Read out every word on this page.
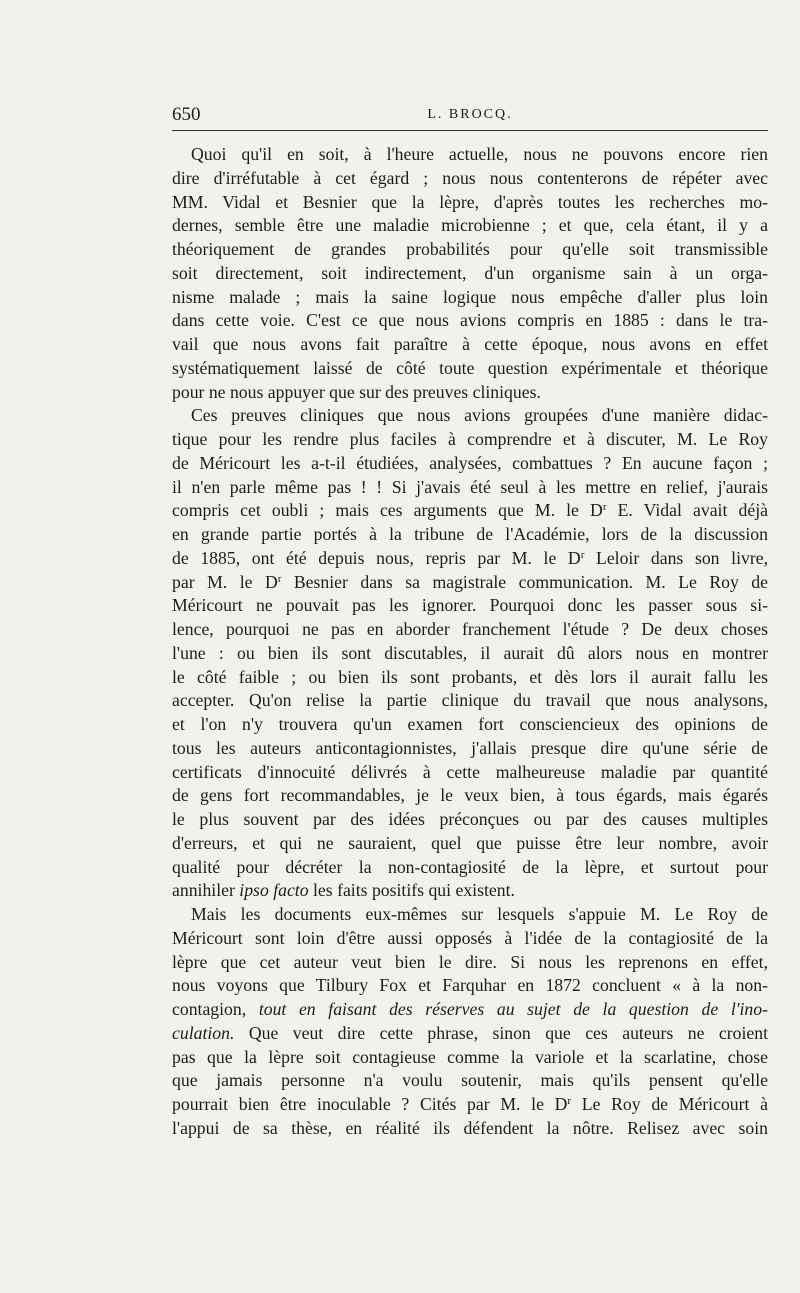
650	L. BROCQ.
Quoi qu'il en soit, à l'heure actuelle, nous ne pouvons encore rien
dire d'irréfutable à cet égard ; nous nous contenterons de répéter avec
MM. Vidal et Besnier que la lèpre, d'après toutes les recherches mo-
dernes, semble être une maladie microbienne ; et que, cela étant, il y a
théoriquement de grandes probabilités pour qu'elle soit transmissible
soit directement, soit indirectement, d'un organisme sain à un orga-
nisme malade ; mais la saine logique nous empêche d'aller plus loin
dans cette voie. C'est ce que nous avions compris en 1885 : dans le tra-
vail que nous avons fait paraître à cette époque, nous avons en effet
systématiquement laissé de côté toute question expérimentale et théorique
pour ne nous appuyer que sur des preuves cliniques.
Ces preuves cliniques que nous avions groupées d'une manière didac-
tique pour les rendre plus faciles à comprendre et à discuter, M. Le Roy
de Méricourt les a-t-il étudiées, analysées, combattues ? En aucune façon ;
il n'en parle même pas ! ! Si j'avais été seul à les mettre en relief, j'aurais
compris cet oubli ; mais ces arguments que M. le $D^r$ E. Vidal avait déjà
en grande partie portés à la tribune de l'Académie, lors de la discussion
de 1885, ont été depuis nous, repris par M. le $D^r$ Leloir dans son livre,
par M. le $D^r$ Besnier dans sa magistrale communication. M. Le Roy de
Méricourt ne pouvait pas les ignorer. Pourquoi donc les passer sous si-
lence, pourquoi ne pas en aborder franchement l'étude ? De deux choses
l'une : ou bien ils sont discutables, il aurait dû alors nous en montrer
le côté faible ; ou bien ils sont probants, et dès lors il aurait fallu les
accepter. Qu'on relise la partie clinique du travail que nous analysons,
et l'on n'y trouvera qu'un examen fort consciencieux des opinions de
tous les auteurs anticontagionnistes, j'allais presque dire qu'une série de
certificats d'innocuité délivrés à cette malheureuse maladie par quantité
de gens fort recommandables, je le veux bien, à tous égards, mais égarés
le plus souvent par des idées préconçues ou par des causes multiples
d'erreurs, et qui ne sauraient, quel que puisse être leur nombre, avoir
qualité pour décréter la non-contagiosité de la lèpre, et surtout pour
annihiler ipso facto les faits positifs qui existent.
Mais les documents eux-mêmes sur lesquels s'appuie M. Le Roy de
Méricourt sont loin d'être aussi opposés à l'idée de la contagiosité de la
lèpre que cet auteur veut bien le dire. Si nous les reprenons en effet,
nous voyons que Tilbury Fox et Farquhar en 1872 concluent « à la non-
contagion, tout en faisant des réserves au sujet de la question de l'ino-
culation. Que veut dire cette phrase, sinon que ces auteurs ne croient
pas que la lèpre soit contagieuse comme la variole et la scarlatine, chose
que jamais personne n'a voulu soutenir, mais qu'ils pensent qu'elle
pourrait bien être inoculable ? Cités par M. le $D^r$ Le Roy de Méricourt à
l'appui de sa thèse, en réalité ils défendent la nôtre. Relisez avec soin
